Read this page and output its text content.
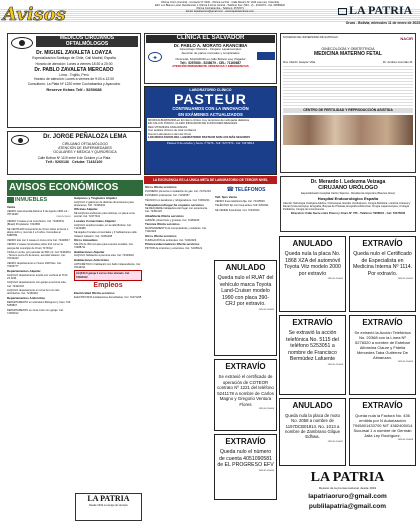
Avisos
Oficina Oruro (Central) - Contacto Nº 1932 - Oficina La Paz - Calle México Nº 1424 casi esq. Colombia
Edif. Luz Blanco Local, Residencial, 1 Oficina 4 Zona Central - Teléfono Fax: (591 - 2) - 2313279 - Cel. 60658222
Oficina Cochabamba - Teléfono: 4572071
Email: lapatriaoruro@gmail.com - www.lapatriaenlinea.com	LA PATRIA
Oruro - Bolivia, miércoles 11 de enero de 2023
MÉDICOS CIRUJANOS
OFTALMÓLOGOS
Dr. MIGUEL ZAVALETA LOAYZA
Especialización Santiago de Chile, Cali Madrid, España
Horario de atención: Lunes a viernes 18:30 a 20:00
Dr. PABLO ZAVALETA MERCADO
Lima - Trujillo, Perú
Horario de atención: Lunes a viernes de 9:00 a 12:00
Consultorio: La Plata Nº 1220 entre Cochabamba y Ayacucho
Reserve fichas Telf.: 5250688
Dr. JORGE PEÑALOZA LEMA
CIRUJANO OFTALMÓLOGO
ATENCIÓN DE ENFERMEDADES
OCULARES Y MEDICA Y QUIRÚRGICA
Calle Bolívar Nº 1119 entre 6 de Octubre y La Plata
Telf.: 5260136 Celular: 71432100
CLÍNICA EL SALVADOR
Dr. PABLO A. MORATO ARANCIBIA
✚
Ginecólogo Obstetra - Cirujano Laparoscópico
Atención de partos normales y complicados
Clínica EL SALVADOR en calle Bolívar esq. Pagador
Telf.: 5257680 - 5238679 - CEL: 71160687
ATENCIÓN PERMANENTE URGENCIAS Y EMERGENCIAS
LABORATORIO CLÍNICO
PASTEUR
CONTINUAMOS CON LA INNOVACIÓN
EN EXÁMENES ACTUALIZADOS
MICROALBUMINURIA en El mismo clínico muy temprano de nefropatía diabética
EN CALCIO IÓNICO, CLARO INDICADOR DE FUNCIONES RENALES
DEA VITAMINAS ANALIZADAS
Con análisis clínicos de total confianza
Somos Laboratorio Líder del Oruro
LOS RESULTADOS DEL LABORATORIO PASTEUR SON LOS MÁS SEGUROS
Pasteur 6 de octubre y Sucre nº 5276 - Telf.: 5277373 - Cel: 72479014
LA EXCELENCIA ES LA ÚNICA META DE LABORATORIO DE TERCER NIVEL
SOCIEDAD DE UNIVERSIDAD DE SANTIAGO	NACIR
GINECOLOGÍA Y OBSTETRICIA
MEDICINA MATERNO FETAL
Dra. Martín Gaspar Villa	Dr. Andrés Gonzalo M.
CENTRO DE FERTILIDAD Y REPRODUCCIÓN ASISTIDA
Dr. Merardo I. Ledezma Veizaga
CIRUJANO URÓLOGO
Especialización Hospital Carlos Tejerina - Residencia Argentina (Buenos Aires)
Hospital Endourológico España
Atiende: Nefrología Urológica Adultos, Cistoscopía, Estudio Urodinámico, Cirugía Robótica, Litotricia Ureteral y Renal (Ureteroscopía), Ecografía, Biopsia de Próstata, Ecografía Abdominal, Cirugía Laparoscópica, Urología Pediátrica, Cirugía de Incontinencia.
Dirección: Calle Sucre entre Potosí y Oruro Nº 725 - Teléfono: 5258001 - Cel: 72475000
AVISOS ECONÓMICOS
INMUEBLES
Venta
VENDO casa Avenida Dehene 6 de Agosto 1600 m2 - 78712367
RSE/VIV/20/001
VENDO 3 casas en la zona Norte. Cel. 72463541 (Brasil) Propietaria: 7244590
SE VENTA EN Cementerio de Oruro sobre el frente 1 altura nicho y nivel de 4 a 6 años. Consultas al 5288789.
VENDO lote con 2 casas en zona norte Cel. 72429617
VENDO 2 casas construidas sobre 214 m2 en la pampa del municipio de Oruro 7174312
CASA en venta, por parcelas de 560 m2. Cel 72462841 - Terreno cerca 21 de Enero, avenida Velasco. Cel. 76132222
VENDO departamento en Sucre 1000 $us. Cel. 72460777
Departamentos Alquiler
ALQUILO departamento amplio con cochera al 7134 23 1234
ALQUILO departamento con garaje a persona sola. Cel. 72432134
ALQUILO departamento en zona Sur con dos dormitorios. Cel. 72160110
Departamentos Anticrético
DEPARTAMENTO en anticrético Bolognesi y Caro. Telf. 5265827
DEPARTAMENTO en zona norte con garaje. Cel. 71000012
Galpones y Tinglados Alquiler
ALQUILO 2 galpones de distintas dimensiones para almacenes. Telf. 72435433
Oficinas Alquiler
SE ALQUILA ambientes para oficinas, en plena zona central. Cel. 72477441
Locales Comerciales Alquiler
ALQUILO amplios locales, en la calle Bolívar. Cel. 71213489
SE alquila 2 locales comerciales y 3 habitaciones calle Velasco Galvarro. Cel. 72461008
Otros inmuebles
SALÓN de 300 m2 apto para eventos sociales. Cel. 72488711
Habitaciones Alquiler
ALQUILO habitación a persona sola. Cel. 72433022
Habitaciones Anticrético
ANTICRÉTICO 1 habitación con baño independiente. Cel. 76142211
ALQUILO garaje 3 carros bien ubicado. Cel. 72464312
Empleos
Electricidad Oferta servicios
ELECTRICISTA instalaciones domiciliarias. Cel. 72471235
Otros Oferta servicios
PLOMERO plomería e instalación de gas. Cel. 72471234
PLOMERO profesional. Cel. 71234567
TÉCNICO en lavadoras y refrigeradores. Cel. 72481234
Trabajadores/hogar Se requiere servicios
SE REQUIERE trabajadora del hogar con experiencia. Cel. 72461223
Albañilería Oferta servicios
ALBAÑIL obras finas y gruesas. Cel. 72483345
Técnica Oferta servicios
MANTENIMIENTO de computadoras y celulares. Cel. 71110022
Otros Oferta servicios
FUMIGACIÓN de ambientes. Cel. 72410023
Pintores/decoradores Oferta servicios
PINTOR de interiores y exteriores. Cel. 72435122
☎ TELÉFONOS
Telf. fijos Venta
VENDO línea telefónica fija. Cel. 72415533
TELÉFONO fijo con línea activa. Telf. 5264311
SE VENDE línea Entel. Cel. 72410044
ANULADO

Queda nula la placa No. 1868 XZA del automóvil Toyota Vitz modelo 2000 por extravío

2023-01-11-0001
EXTRAVÍO

Queda nulo el Certificado de Especialista en Medicina Interna Nº 1114. Por extravío.

2023-01-11-0002
ANULADO

Queda nulo el RUAT del vehículo marca Toyota Land-Cruiser modelo 1990 con placa 390-CRJ por extravío.

2023-01-11-0003
EXTRAVÍO

Se extravió la acción telefónica No. 5115 del teléfono 5253051 a nombre de Francisco Bermúdez Lafuente

2023-01-11-0004
EXTRAVÍO

Se extravió la Acción Telefónica No. 20368 con la Línea Nº 5278320 a nombre de Esteban Alfonsina Claure y Fidelia Mercedes Taba Gutiérrez De Almanzan.

2023-01-11-0005
EXTRAVÍO

Se extravió el certificado de operación de COTEOR contrato Nº 1221 del teléfono 5241178 a nombre de Carlos Magno y Gregorio Ventura Flores

2023-01-11-0006	ANULADO

Queda nula la placa de moto No. 2058 a nombre de 1157DCB01914. No. 1013 a nombre de Zambrano Gilque Edhwa.

2023-01-11-0007
EXTRAVÍO

Queda nula la Factura No. 436 emitida por N Autorización 7945801433700 NIT 4382405014 Sucursal 1 a nombre de Germán Jalla Ley Rodríguez.

2023-01-11-0008
EXTRAVÍO

Queda nulo el número de cuenta 4051090581 de EL PROGRESO EFV

2023-01-11-0009	LA PATRIA
Decano de la prensa nacional, desde 1919
lapatriaoruro@gmail.com
publilapatria@gmail.com
LA PATRIA
Desde 1919 su amigo de siempre
